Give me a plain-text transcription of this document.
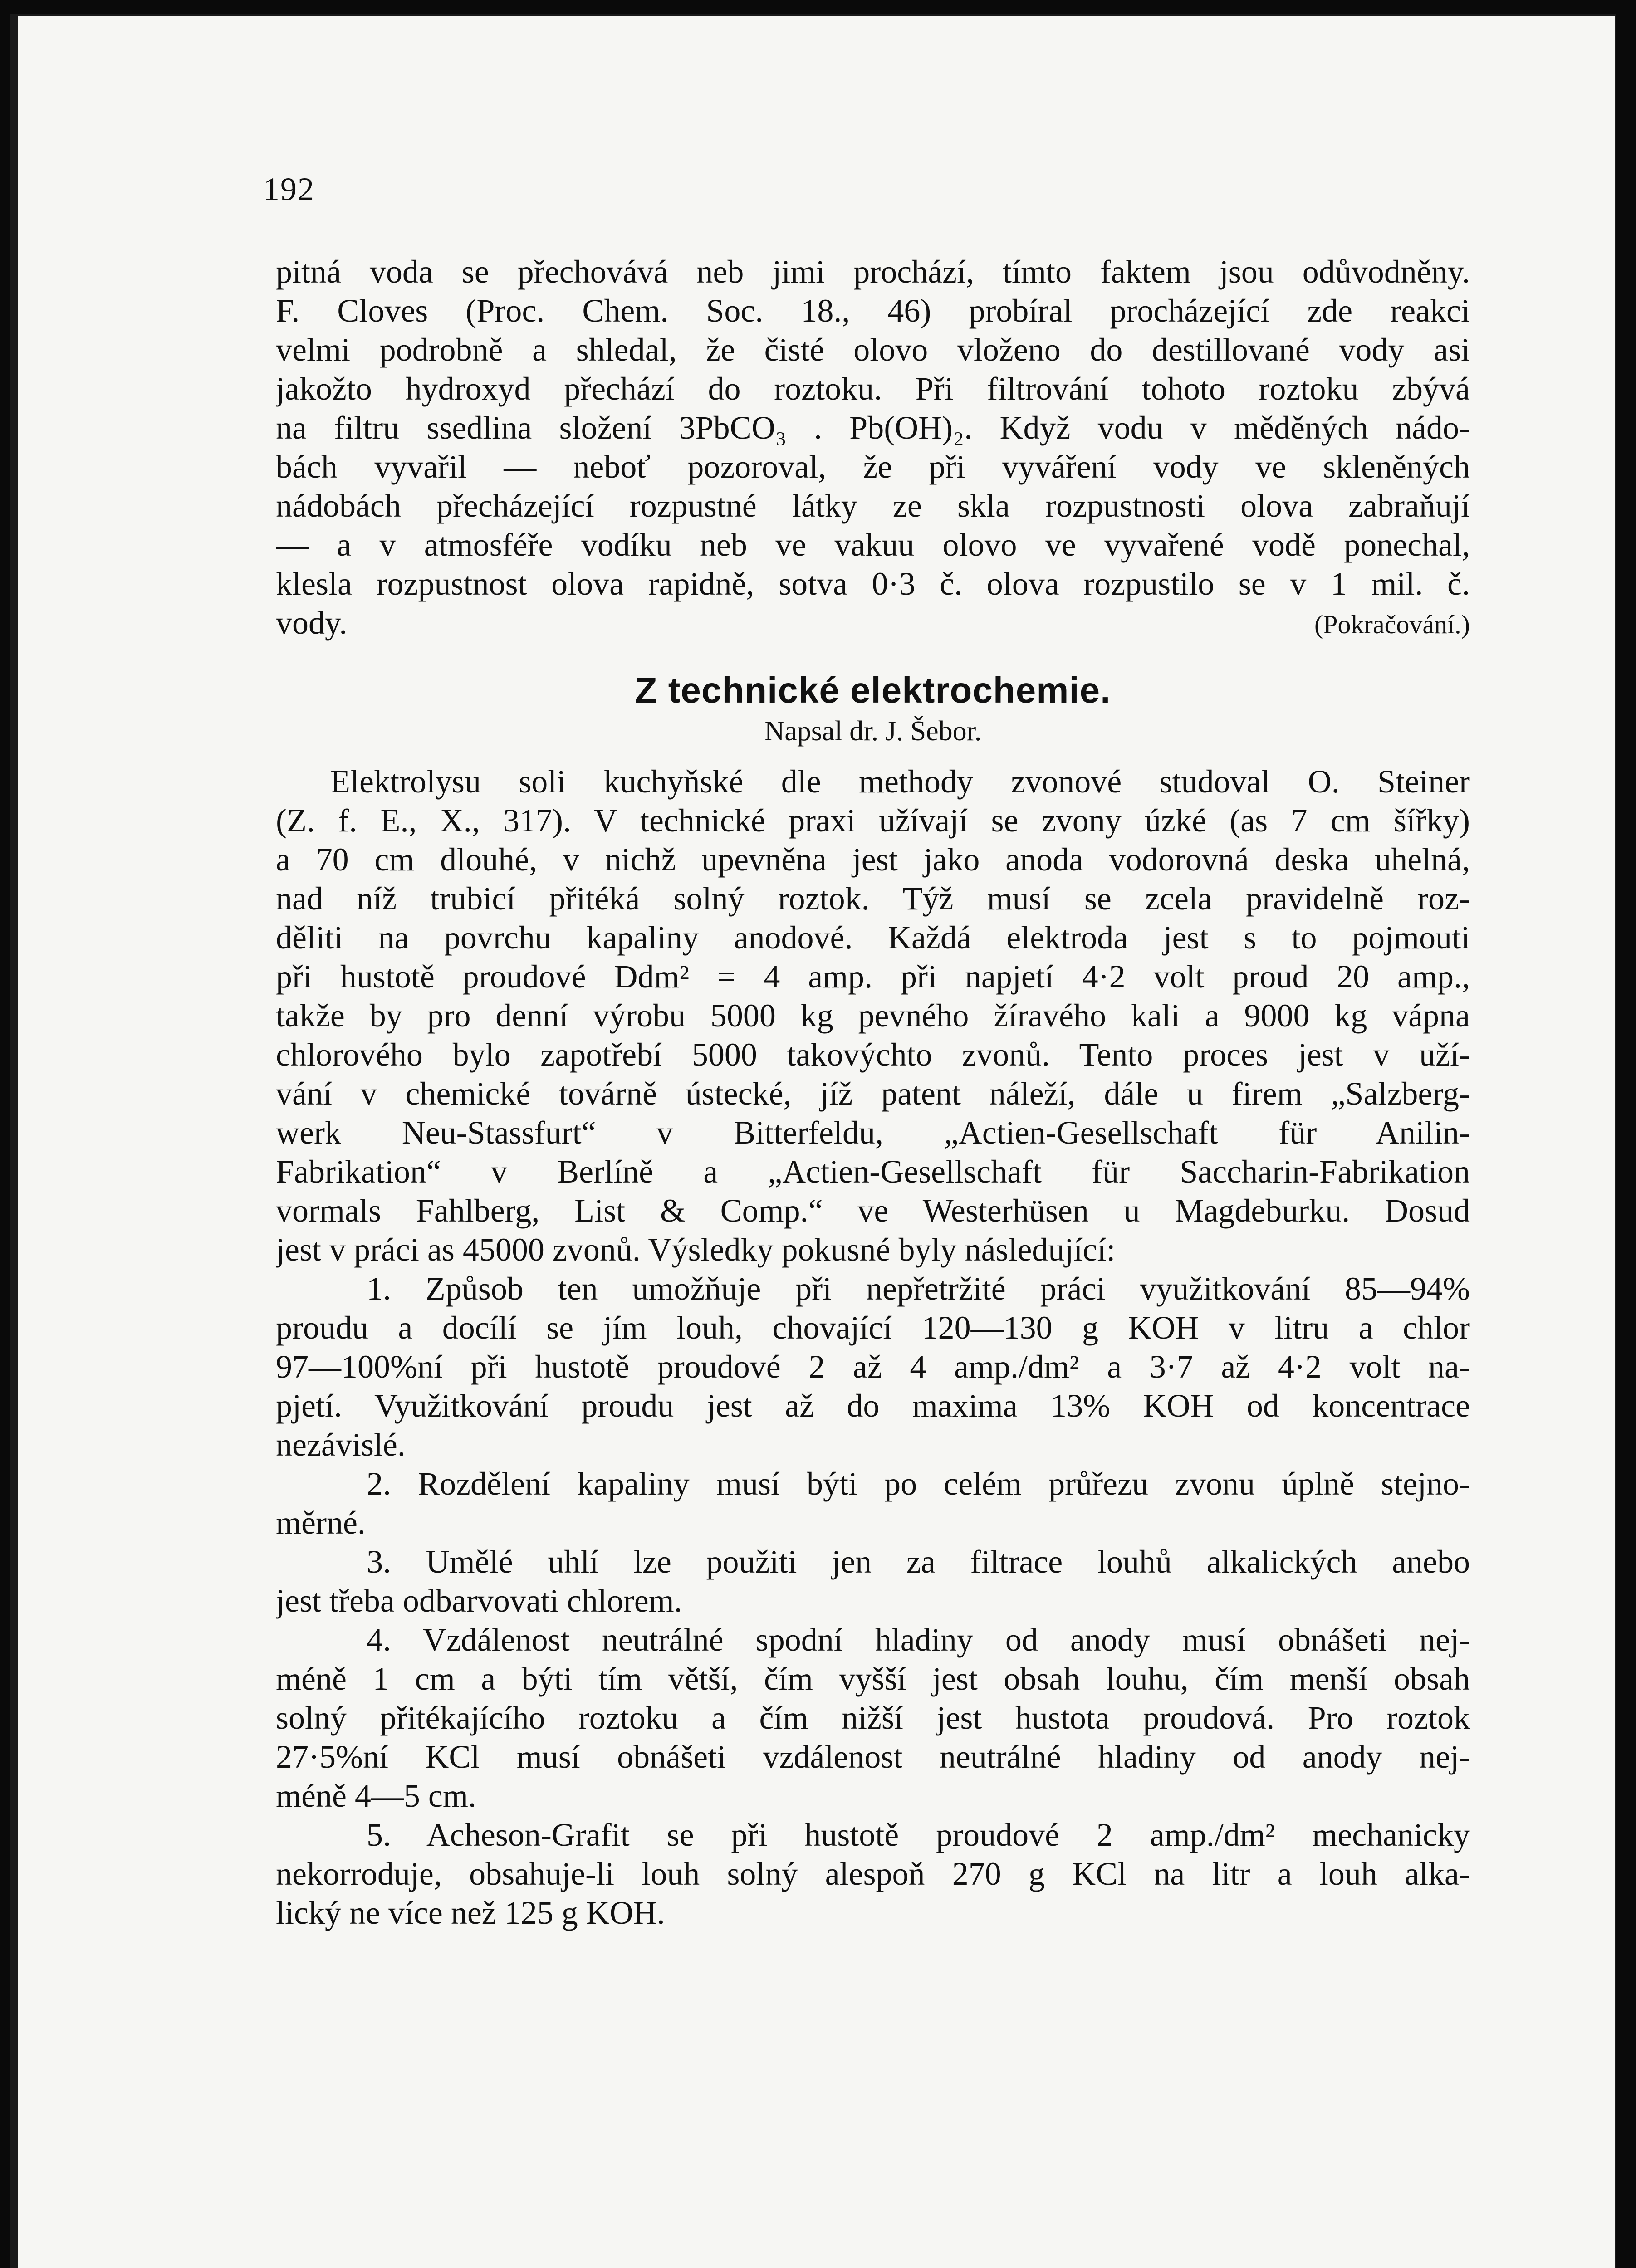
192
pitná voda se přechovává neb jimi prochází, tímto faktem jsou odůvodněny.
F. Cloves (Proc. Chem. Soc. 18., 46) probíral procházející zde reakci
velmi podrobně a shledal, že čisté olovo vloženo do destillované vody asi
jakožto hydroxyd přechází do roztoku. Při filtrování tohoto roztoku zbývá
na filtru ssedlina složení 3PbCO₃ . Pb(OH)₂. Když vodu v měděných nádo-
bách vyvařil — neboť pozoroval, že při vyváření vody ve skleněných
nádobách přecházející rozpustné látky ze skla rozpustnosti olova zabraňují
— a v atmosféře vodíku neb ve vakuu olovo ve vyvařené vodě ponechal,
klesla rozpustnost olova rapidně, sotva 0·3 č. olova rozpustilo se v 1 mil. č.
vody.	(Pokračování.)
Z technické elektrochemie.
Napsal dr. J. Šebor.
Elektrolysu soli kuchyňské dle methody zvonové studoval O. Steiner
(Z. f. E., X., 317). V technické praxi užívají se zvony úzké (as 7 cm šířky)
a 70 cm dlouhé, v nichž upevněna jest jako anoda vodorovná deska uhelná,
nad níž trubicí přitéká solný roztok. Týž musí se zcela pravidelně roz-
děliti na povrchu kapaliny anodové. Každá elektroda jest s to pojmouti
při hustotě proudové Ddm² = 4 amp. při napjetí 4·2 volt proud 20 amp.,
takže by pro denní výrobu 5000 kg pevného žíravého kali a 9000 kg vápna
chlorového bylo zapotřebí 5000 takovýchto zvonů. Tento proces jest v uží-
vání v chemické továrně ústecké, jíž patent náleží, dále u firem „Salzberg-
werk Neu-Stassfurt“ v Bitterfeldu, „Actien-Gesellschaft für Anilin-
Fabrikation“ v Berlíně a „Actien-Gesellschaft für Saccharin-Fabrikation
vormals Fahlberg, List & Comp.“ ve Westerhüsen u Magdeburku. Dosud
jest v práci as 45000 zvonů. Výsledky pokusné byly následující:
1. Způsob ten umožňuje při nepřetržité práci využitkování 85—94%
proudu a docílí se jím louh, chovající 120—130 g KOH v litru a chlor
97—100%ní při hustotě proudové 2 až 4 amp./dm² a 3·7 až 4·2 volt na-
pjetí. Využitkování proudu jest až do maxima 13% KOH od koncentrace
nezávislé.
2. Rozdělení kapaliny musí býti po celém průřezu zvonu úplně stejno-
měrné.
3. Umělé uhlí lze použiti jen za filtrace louhů alkalických anebo
jest třeba odbarvovati chlorem.
4. Vzdálenost neutrálné spodní hladiny od anody musí obnášeti nej-
méně 1 cm a býti tím větší, čím vyšší jest obsah louhu, čím menší obsah
solný přitékajícího roztoku a čím nižší jest hustota proudová. Pro roztok
27·5%ní KCl musí obnášeti vzdálenost neutrálné hladiny od anody nej-
méně 4—5 cm.
5. Acheson-Grafit se při hustotě proudové 2 amp./dm² mechanicky
nekorroduje, obsahuje-li louh solný alespoň 270 g KCl na litr a louh alka-
lický ne více než 125 g KOH.
